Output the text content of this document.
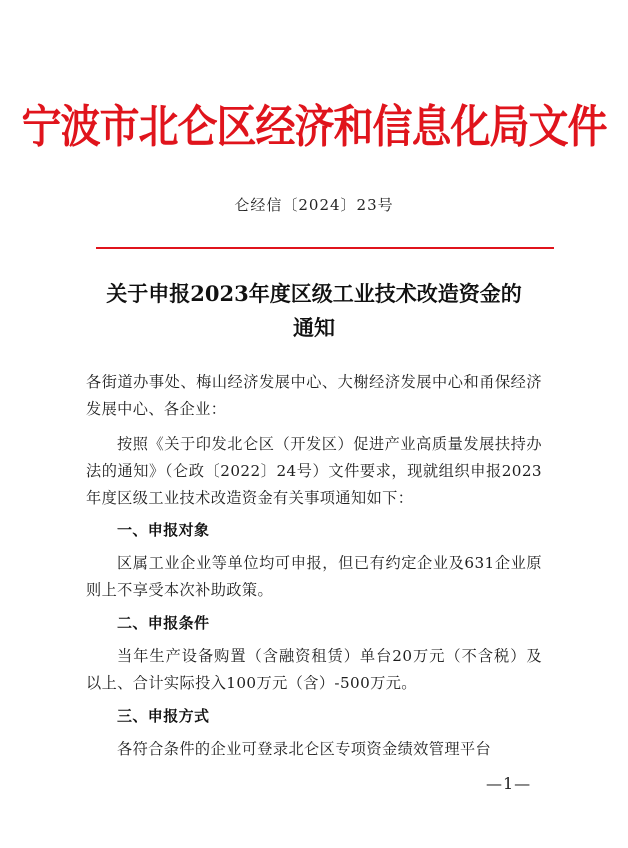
宁波市北仑区经济和信息化局文件
仑经信〔2024〕23号
关于申报2023年度区级工业技术改造资金的
通知

各街道办事处、梅山经济发展中心、大榭经济发展中心和甬保经济发展中心、各企业：

按照《关于印发北仑区（开发区）促进产业高质量发展扶持办法的通知》（仑政〔2022〕24号）文件要求，现就组织申报2023年度区级工业技术改造资金有关事项通知如下：

一、申报对象

区属工业企业等单位均可申报，但已有约定企业及631企业原则上不享受本次补助政策。

二、申报条件

当年生产设备购置（含融资租赁）单台20万元（不含税）及以上、合计实际投入100万元（含）-500万元。

三、申报方式

各符合条件的企业可登录北仑区专项资金绩效管理平台

—1—
